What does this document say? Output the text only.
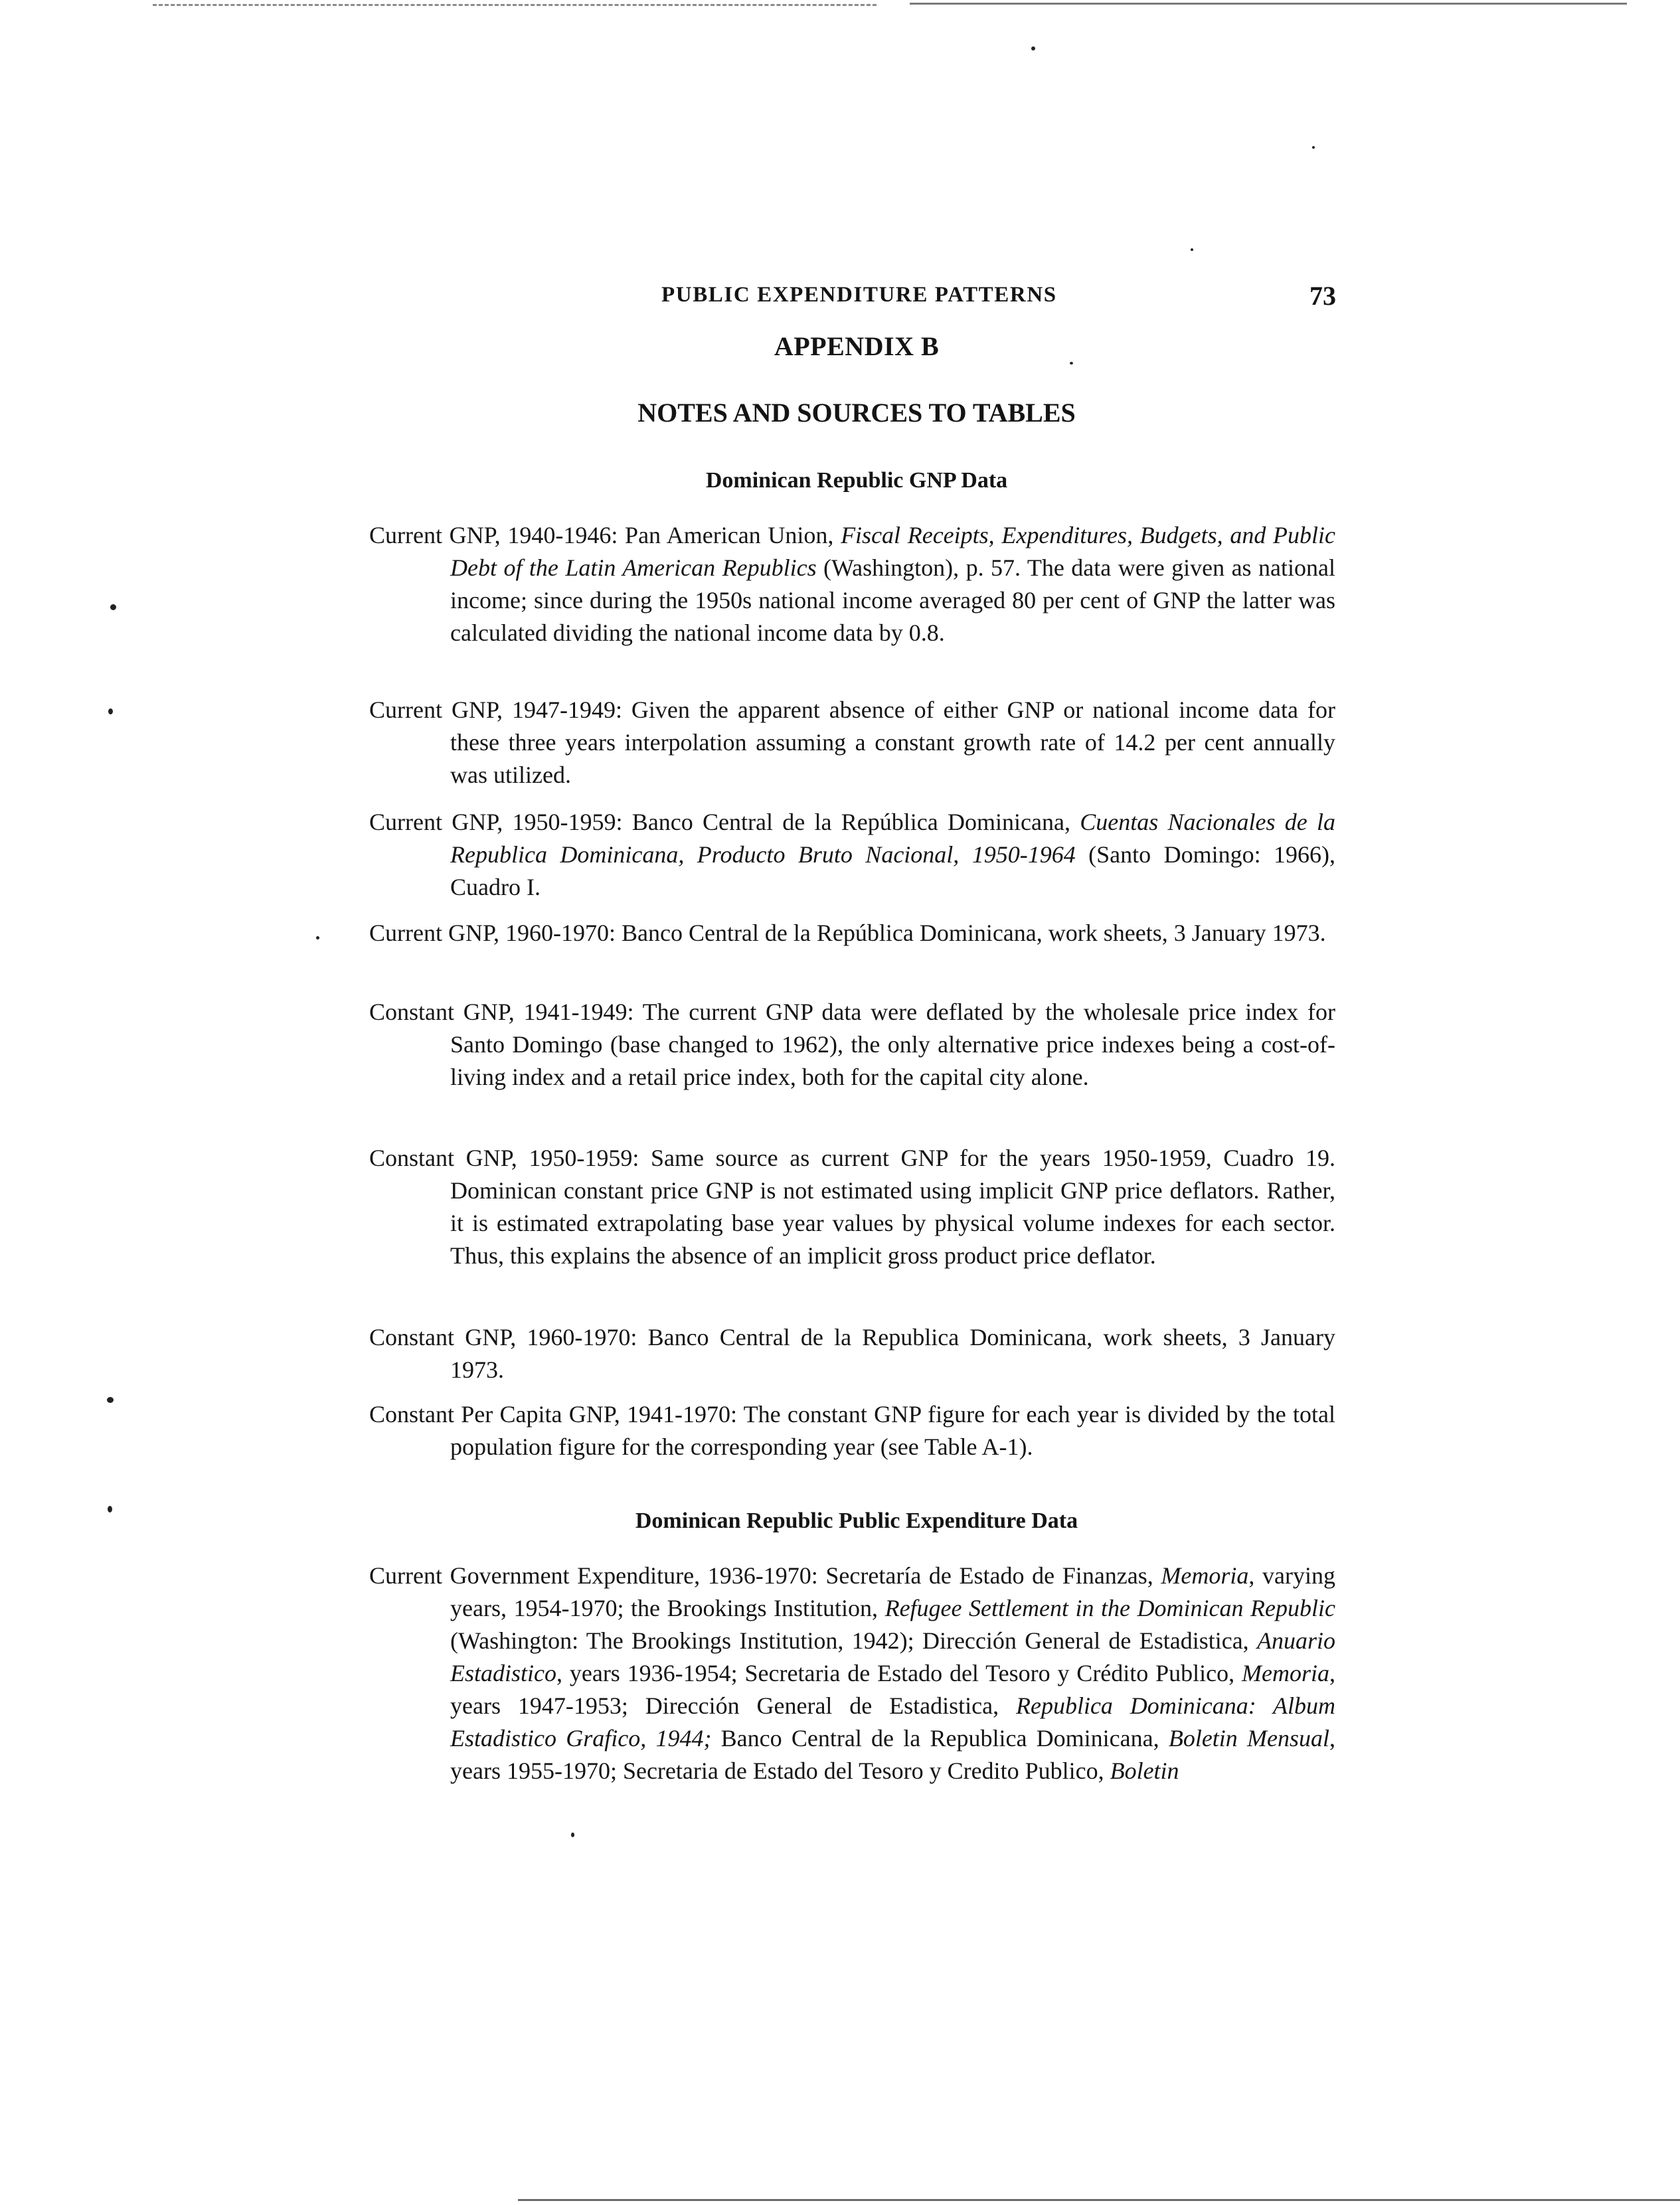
PUBLIC EXPENDITURE PATTERNS	73
APPENDIX B
NOTES AND SOURCES TO TABLES
Dominican Republic GNP Data

Current GNP, 1940-1946: Pan American Union, Fiscal Receipts, Expenditures, Budgets, and Public Debt of the Latin American Republics (Washington), p. 57. The data were given as national income; since during the 1950s national income averaged 80 per cent of GNP the latter was calculated dividing the national income data by 0.8.

Current GNP, 1947-1949: Given the apparent absence of either GNP or national income data for these three years interpolation assuming a constant growth rate of 14.2 per cent annually was utilized.

Current GNP, 1950-1959: Banco Central de la República Dominicana, Cuentas Nacionales de la Republica Dominicana, Producto Bruto Nacional, 1950-1964 (Santo Domingo: 1966), Cuadro I.

Current GNP, 1960-1970: Banco Central de la República Dominicana, work sheets, 3 January 1973.

Constant GNP, 1941-1949: The current GNP data were deflated by the wholesale price index for Santo Domingo (base changed to 1962), the only alternative price indexes being a cost-of-living index and a retail price index, both for the capital city alone.

Constant GNP, 1950-1959: Same source as current GNP for the years 1950-1959, Cuadro 19. Dominican constant price GNP is not estimated using implicit GNP price deflators. Rather, it is estimated extrapolating base year values by physical volume indexes for each sector. Thus, this explains the absence of an implicit gross product price deflator.

Constant GNP, 1960-1970: Banco Central de la Republica Dominicana, work sheets, 3 January 1973.

Constant Per Capita GNP, 1941-1970: The constant GNP figure for each year is divided by the total population figure for the corresponding year (see Table A-1).

Dominican Republic Public Expenditure Data

Current Government Expenditure, 1936-1970: Secretaría de Estado de Finanzas, Memoria, varying years, 1954-1970; the Brookings Institution, Refugee Settlement in the Dominican Republic (Washington: The Brookings Institution, 1942); Dirección General de Estadistica, Anuario Estadistico, years 1936-1954; Secretaria de Estado del Tesoro y Crédito Publico, Memoria, years 1947-1953; Dirección General de Estadistica, Republica Dominicana: Album Estadistico Grafico, 1944; Banco Central de la Republica Dominicana, Boletin Mensual, years 1955-1970; Secretaria de Estado del Tesoro y Credito Publico, Boletin
